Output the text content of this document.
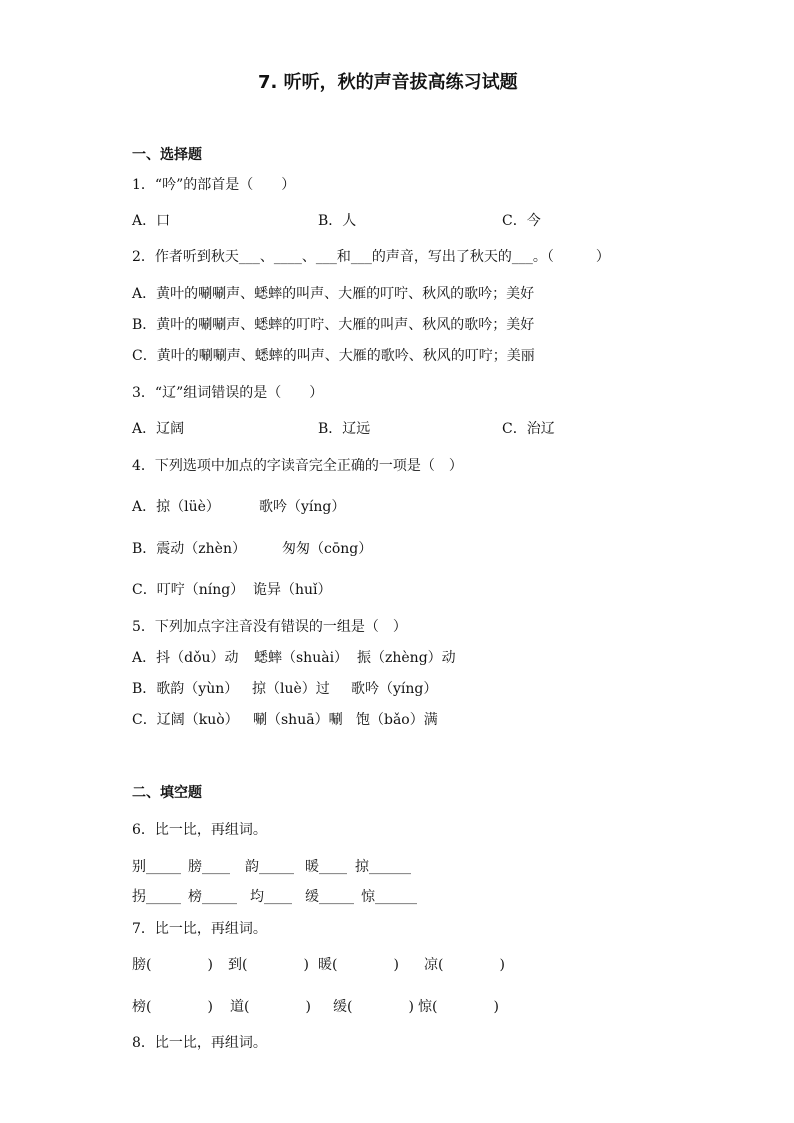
7. 听听，秋的声音拔高练习试题
一、选择题
1．“吟”的部首是（　　）
A．口	B．人	C．今
2．作者听到秋天___、____、___和___的声音，写出了秋天的___。（　　　）
A．黄叶的唰唰声、蟋蟀的叫声、大雁的叮咛、秋风的歌吟；美好
B．黄叶的唰唰声、蟋蟀的叮咛、大雁的叫声、秋风的歌吟；美好
C．黄叶的唰唰声、蟋蟀的叫声、大雁的歌吟、秋风的叮咛；美丽
3．“辽”组词错误的是（　　）
A．辽阔	B．辽远	C．治辽
4．下列选项中加点的字读音完全正确的一项是（　）
A．掠（lüè）	歌吟（yíng）
B．震动（zhèn）	匆匆（cōng）
C．叮咛（níng） 诡异（huǐ）
5．下列加点字注音没有错误的一组是（　）
A．抖（dǒu）动 蟋蟀（shuài） 振（zhèng）动
B．歌韵（yùn） 掠（luè）过 歌吟（yíng）
C．辽阔（kuò） 唰（shuā）唰 饱（bǎo）满
二、填空题
6．比一比，再组词。
别_____ 膀____ 韵_____ 暖____ 掠______
拐_____ 榜_____ 均____ 缓_____ 惊______
7．比一比，再组词。
膀(　　　　) 到(　　　　) 暖(　　　　) 凉(　　　　)
榜(　　　　) 道(　　　　) 缓(　　　　) 惊(　　　　)
8．比一比，再组词。
